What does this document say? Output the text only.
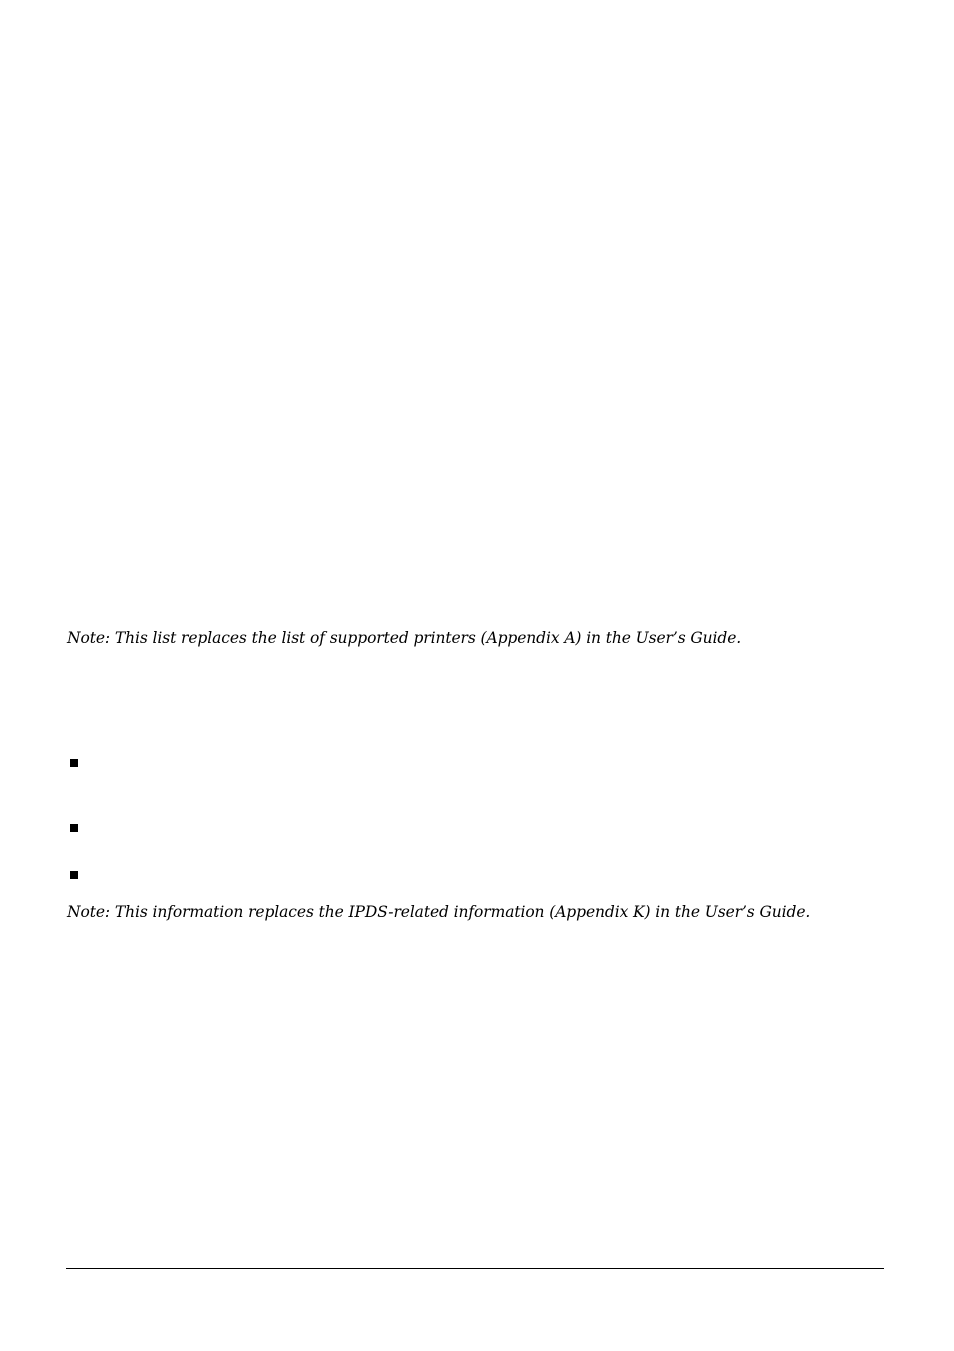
Note: This list replaces the list of supported printers (Appendix A) in the User’s Guide.

Note: This information replaces the IPDS-related information (Appendix K) in the User’s Guide.
